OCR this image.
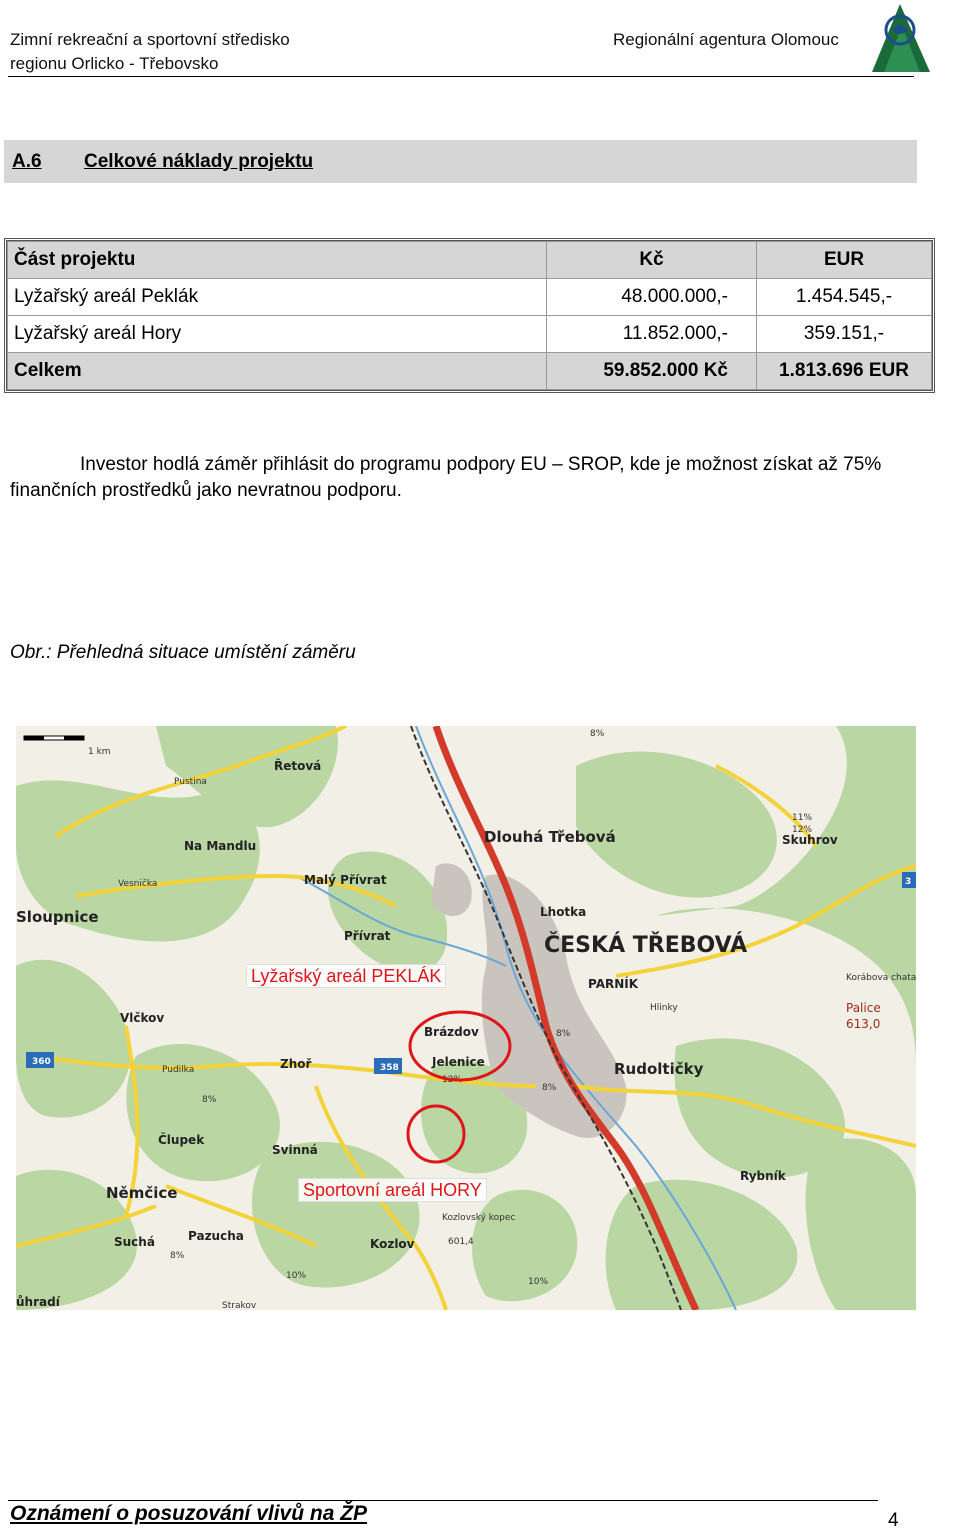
Zimní rekreační a sportovní středisko
regionu Orlicko - Třebovsko
Regionální agentura Olomouc
A.6	Celkové náklady projektu
Část projektu	Kč	EUR
Lyžařský areál Peklák	48.000.000,-	1.454.545,-
Lyžařský areál Hory	11.852.000,-	359.151,-
Celkem	59.852.000 Kč	1.813.696 EUR
Investor hodlá záměr přihlásit do programu podpory EU – SROP, kde je možnost získat až 75% finančních prostředků jako nevratnou podporu.
Obr.: Přehledná situace umístění záměru
1 km
Řetová
Pustina
Na Mandlu
Vesnička	Malý Přívrat
Sloupnice
Přívrat
Dlouhá Třebová
Lhotka
ČESKÁ TŘEBOVÁ
PARNÍK
Hlinky
Skuhrov
Korábova chata
Palice
613,0
Vlčkov
Brázdov
Jelenice	Rudoltičky
Pudilka	Zhoř
Člupek
Svinná
Němčice
Rybník
Suchá	Pazucha
Kozlov
Kozlovský kopec
601,4
ůhradí	Strakov
360
358
3
8%
12%
8%
11%
12%
8%
10%
10%
8%
8%
Lyžařský areál PEKLÁK
Sportovní areál HORY
Oznámení o posuzování vlivů na ŽP	4
